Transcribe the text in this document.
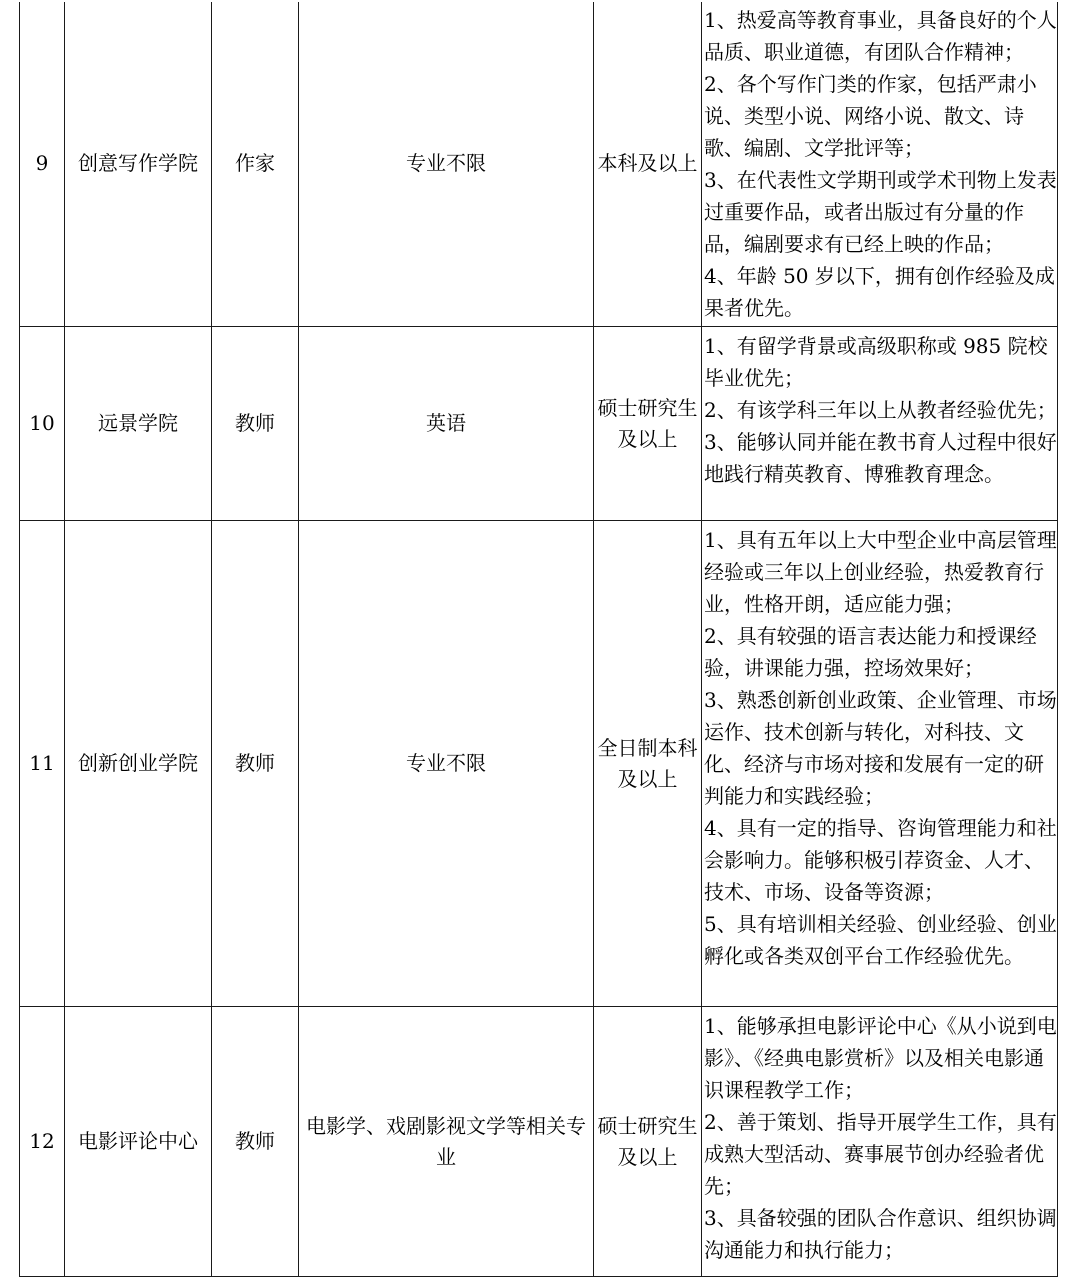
9	创意写作学院	作家	专业不限	本科及以上	1、热爱高等教育事业，具备良好的个人品质、职业道德，有团队合作精神；
2、各个写作门类的作家，包括严肃小说、类型小说、网络小说、散文、诗歌、编剧、文学批评等；
3、在代表性文学期刊或学术刊物上发表过重要作品，或者出版过有分量的作品，编剧要求有已经上映的作品；
4、年龄 50 岁以下，拥有创作经验及成果者优先。

10	远景学院	教师	英语	硕士研究生及以上	1、有留学背景或高级职称或 985 院校毕业优先；
2、有该学科三年以上从教者经验优先；
3、能够认同并能在教书育人过程中很好地践行精英教育、博雅教育理念。

11	创新创业学院	教师	专业不限	全日制本科及以上	1、具有五年以上大中型企业中高层管理经验或三年以上创业经验，热爱教育行业，性格开朗，适应能力强；
2、具有较强的语言表达能力和授课经验，讲课能力强，控场效果好；
3、熟悉创新创业政策、企业管理、市场运作、技术创新与转化，对科技、文化、经济与市场对接和发展有一定的研判能力和实践经验；
4、具有一定的指导、咨询管理能力和社会影响力。能够积极引荐资金、人才、技术、市场、设备等资源；
5、具有培训相关经验、创业经验、创业孵化或各类双创平台工作经验优先。

12	电影评论中心	教师	电影学、戏剧影视文学等相关专业	硕士研究生及以上	1、能够承担电影评论中心《从小说到电影》、《经典电影赏析》以及相关电影通识课程教学工作；
2、善于策划、指导开展学生工作，具有成熟大型活动、赛事展节创办经验者优先；
3、具备较强的团队合作意识、组织协调沟通能力和执行能力；
